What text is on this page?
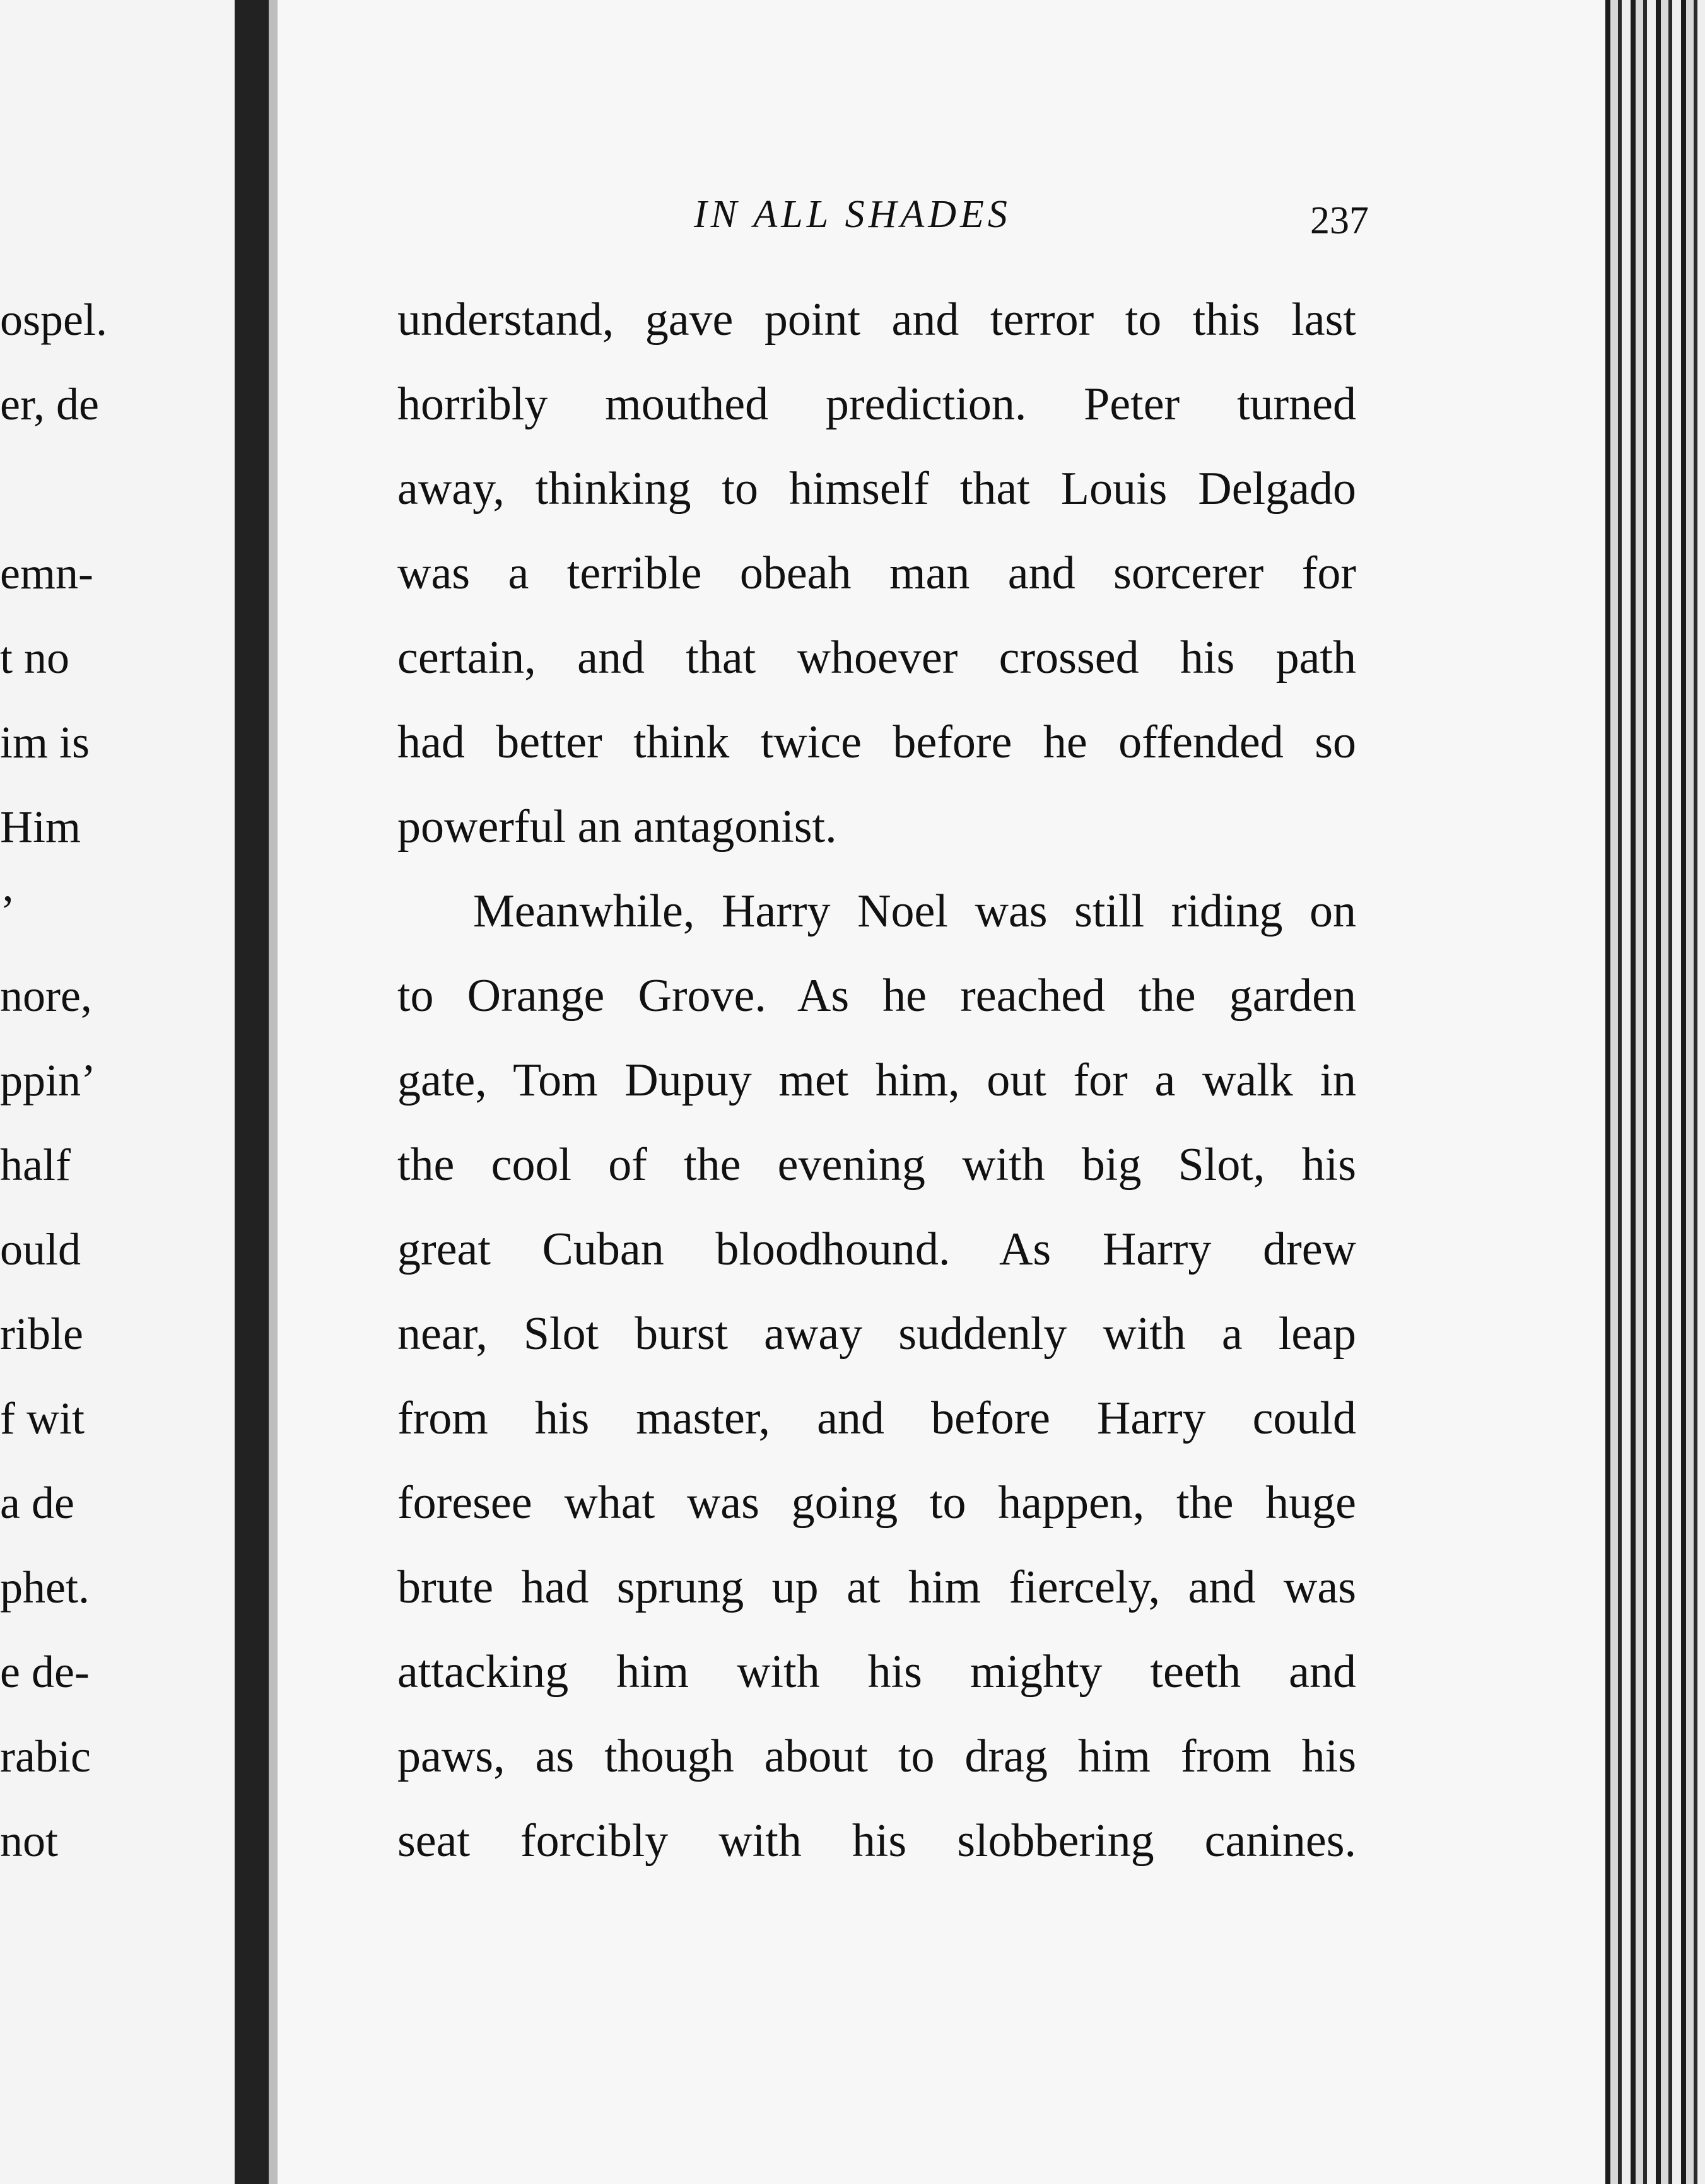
ospel.
er, de
emn-
t no
im is
Him
’
nore,
ppin’
half
ould
rible
f wit
a de
phet.
e de-
rabic
not
IN ALL SHADES	237
understand, gave point and terror to this last
horribly mouthed prediction. Peter turned
away, thinking to himself that Louis Delgado
was a terrible obeah man and sorcerer for
certain, and that whoever crossed his path
had better think twice before he offended so
powerful an antagonist.
Meanwhile, Harry Noel was still riding on
to Orange Grove. As he reached the garden
gate, Tom Dupuy met him, out for a walk in
the cool of the evening with big Slot, his
great Cuban bloodhound. As Harry drew
near, Slot burst away suddenly with a leap
from his master, and before Harry could
foresee what was going to happen, the huge
brute had sprung up at him fiercely, and was
attacking him with his mighty teeth and
paws, as though about to drag him from his
seat forcibly with his slobbering canines.
